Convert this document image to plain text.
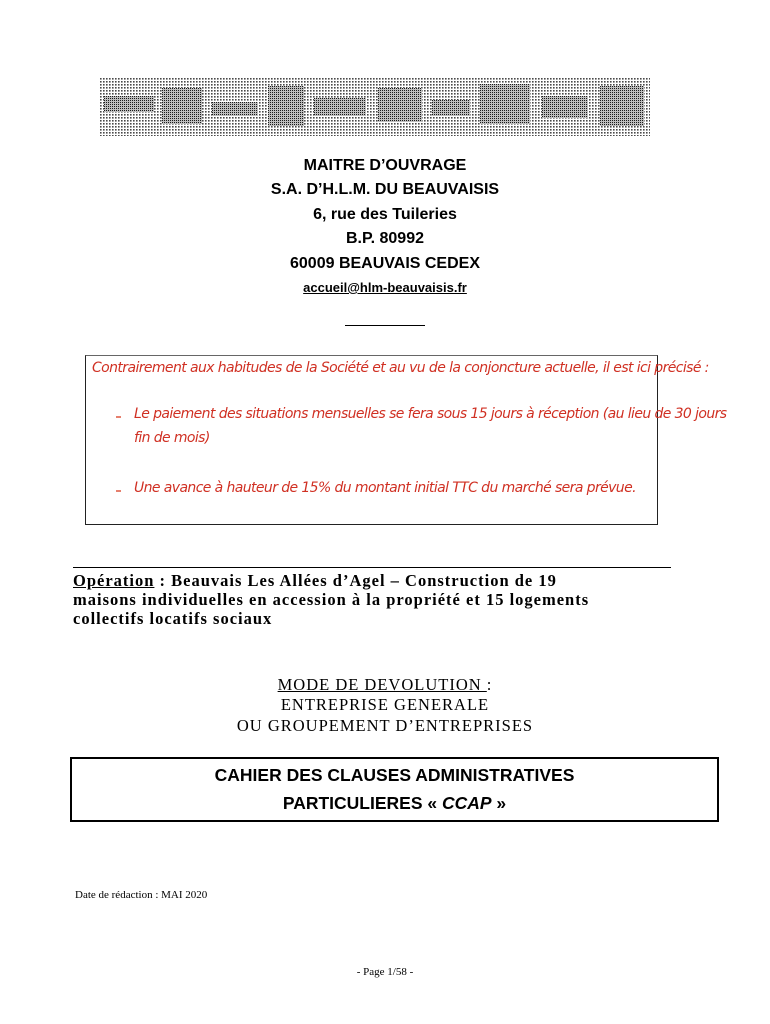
MAITRE D’OUVRAGE
S.A. D’H.L.M. DU BEAUVAISIS
6, rue des Tuileries
B.P. 80992
60009 BEAUVAIS CEDEX
accueil@hlm-beauvaisis.fr
Contrairement aux habitudes de la Société et au vu de la conjoncture actuelle, il est ici précisé :
Le paiement des situations mensuelles se fera sous 15 jours à réception (au lieu de 30 jours
fin de mois)
Une avance à hauteur de 15% du montant initial TTC du marché sera prévue.
Opération : Beauvais Les Allées d’Agel – Construction de 19
maisons individuelles en accession à la propriété et 15 logements
collectifs locatifs sociaux
MODE DE DEVOLUTION :
ENTREPRISE GENERALE
OU GROUPEMENT D’ENTREPRISES
CAHIER DES CLAUSES ADMINISTRATIVES
PARTICULIERES « CCAP »
Date de rédaction : MAI 2020
- Page 1/58 -
